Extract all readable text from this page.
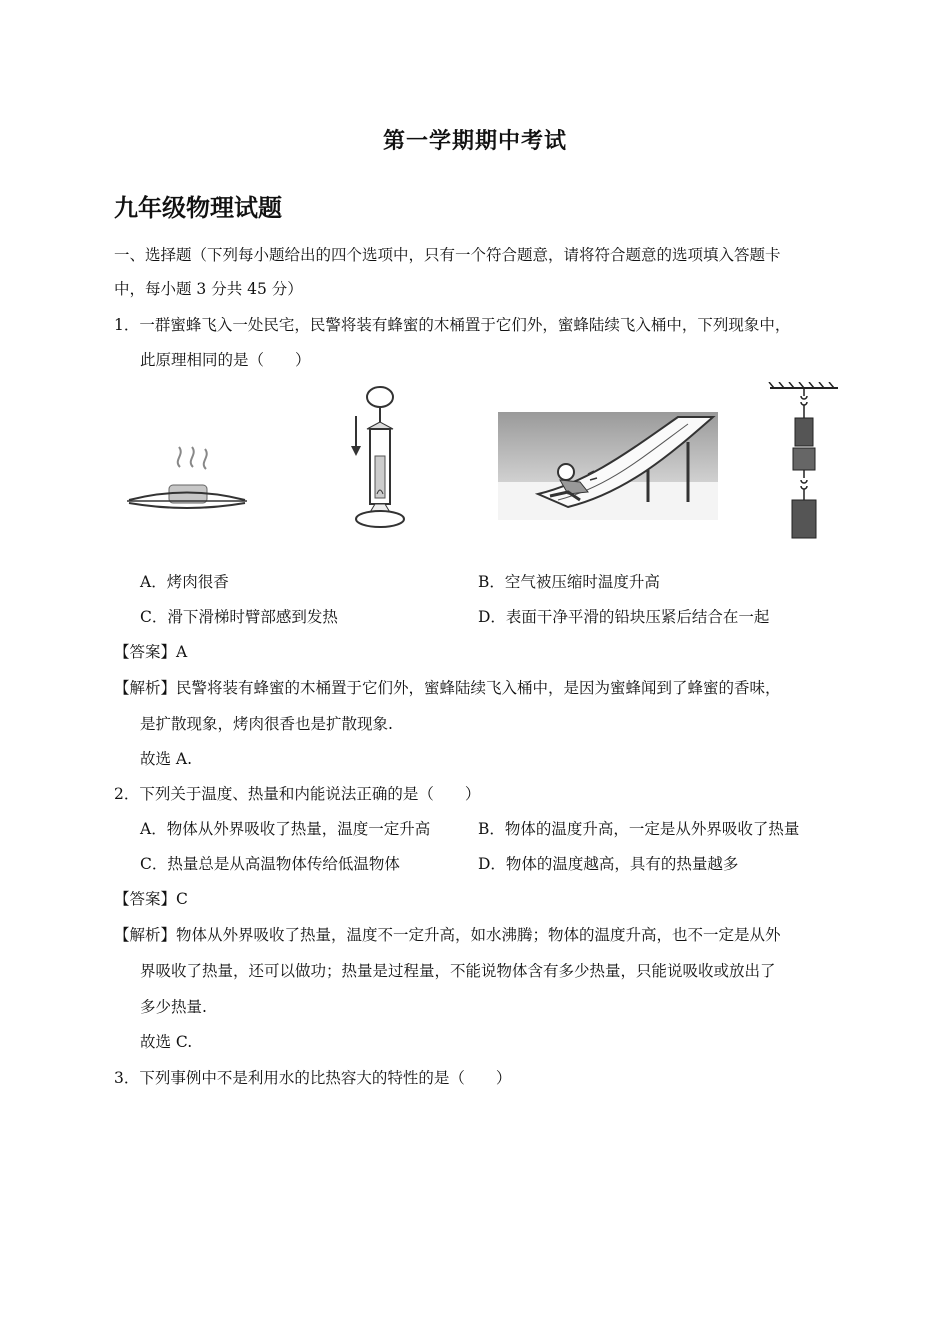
第一学期期中考试
九年级物理试题
一、选择题（下列每小题给出的四个选项中，只有一个符合题意，请将符合题意的选项填入答题卡
中，每小题 3 分共 45 分）
1．一群蜜蜂飞入一处民宅，民警将装有蜂蜜的木桶置于它们外，蜜蜂陆续飞入桶中，下列现象中，
此原理相同的是（　　）
A．烤肉很香	B．空气被压缩时温度升高
C．滑下滑梯时臂部感到发热	D．表面干净平滑的铅块压紧后结合在一起
【答案】A
【解析】民警将装有蜂蜜的木桶置于它们外，蜜蜂陆续飞入桶中，是因为蜜蜂闻到了蜂蜜的香味，
是扩散现象，烤肉很香也是扩散现象.
故选 A.
2．下列关于温度、热量和内能说法正确的是（　　）
A．物体从外界吸收了热量，温度一定升高	B．物体的温度升高，一定是从外界吸收了热量
C．热量总是从高温物体传给低温物体	D．物体的温度越高，具有的热量越多
【答案】C
【解析】物体从外界吸收了热量，温度不一定升高，如水沸腾；物体的温度升高，也不一定是从外
界吸收了热量，还可以做功；热量是过程量，不能说物体含有多少热量，只能说吸收或放出了
多少热量.
故选 C.
3．下列事例中不是利用水的比热容大的特性的是（　　）
